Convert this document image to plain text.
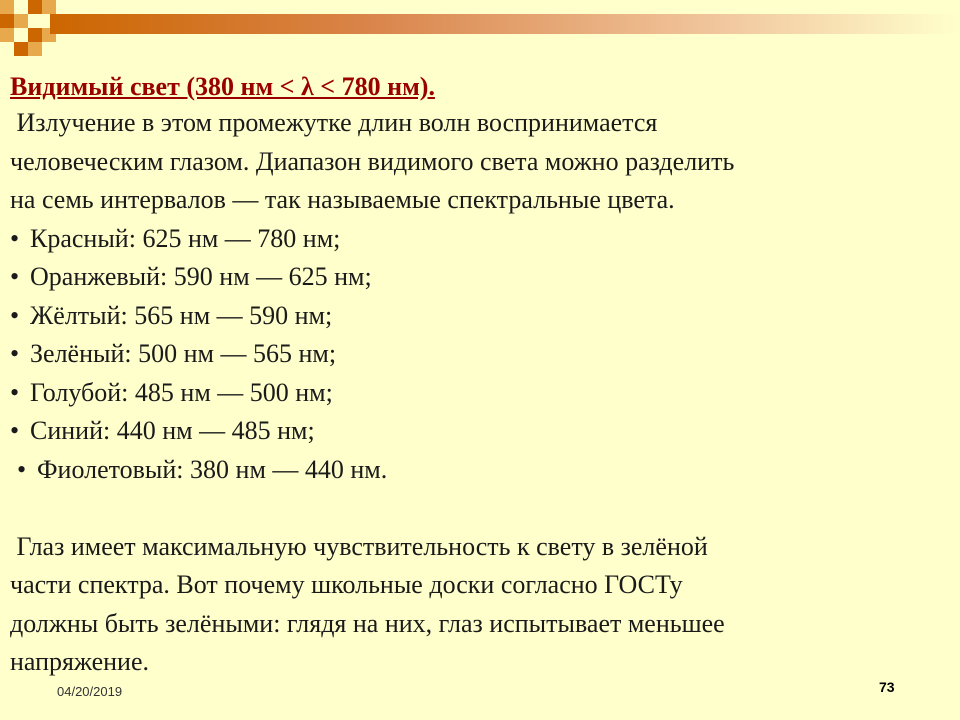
Видимый свет (380 нм < λ < 780 нм).

Излучение в этом промежутке длин волн воспринимается

человеческим глазом. Диапазон видимого света можно разделить

на семь интервалов — так называемые спектральные цвета.

• Красный: 625 нм — 780 нм;
• Оранжевый: 590 нм — 625 нм;
• Жёлтый: 565 нм — 590 нм;
• Зелёный: 500 нм — 565 нм;
• Голубой: 485 нм — 500 нм;
• Синий: 440 нм — 485 нм;
• Фиолетовый: 380 нм — 440 нм.

Глаз имеет максимальную чувствительность к свету в зелёной

части спектра. Вот почему школьные доски согласно ГОСТу

должны быть зелёными: глядя на них, глаз испытывает меньшее

напряжение.

04/20/2019	73
